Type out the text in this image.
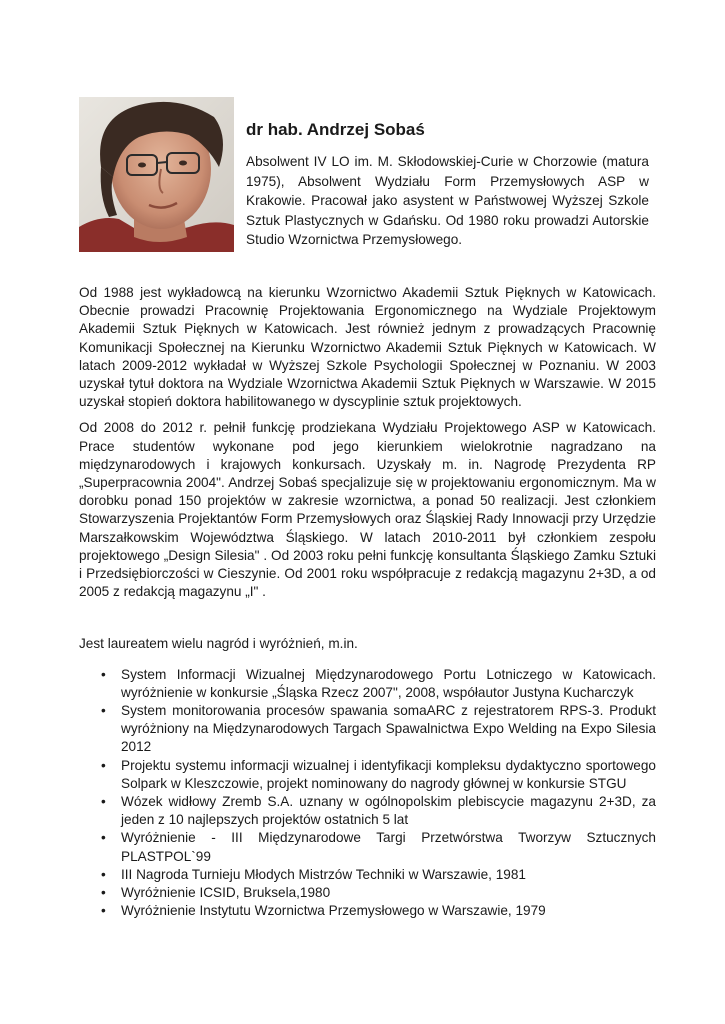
dr hab. Andrzej Sobaś

Absolwent IV LO im. M. Skłodowskiej-Curie w Chorzowie (matura 1975), Absolwent Wydziału Form Przemysłowych ASP w Krakowie. Pracował jako asystent w Państwowej Wyższej Szkole Sztuk Plastycznych w Gdańsku. Od 1980 roku prowadzi Autorskie Studio Wzornictwa Przemysłowego.

Od 1988 jest wykładowcą na kierunku Wzornictwo Akademii Sztuk Pięknych w Katowicach. Obecnie prowadzi Pracownię Projektowania Ergonomicznego na Wydziale Projektowym Akademii Sztuk Pięknych w Katowicach. Jest również jednym z prowadzących Pracownię Komunikacji Społecznej na Kierunku Wzornictwo Akademii Sztuk Pięknych w Katowicach. W latach 2009-2012 wykładał w Wyższej Szkole Psychologii Społecznej w Poznaniu. W 2003 uzyskał tytuł doktora na Wydziale Wzornictwa Akademii Sztuk Pięknych w Warszawie. W 2015 uzyskał stopień doktora habilitowanego w dyscyplinie sztuk projektowych.

Od 2008 do 2012 r. pełnił funkcję prodziekana Wydziału Projektowego ASP w Katowicach. Prace studentów wykonane pod jego kierunkiem wielokrotnie nagradzano na międzynarodowych i krajowych konkursach. Uzyskały m. in. Nagrodę Prezydenta RP „Superpracownia 2004". Andrzej Sobaś specjalizuje się w projektowaniu ergonomicznym. Ma w dorobku ponad 150 projektów w zakresie wzornictwa, a ponad 50 realizacji. Jest członkiem Stowarzyszenia Projektantów Form Przemysłowych oraz Śląskiej Rady Innowacji przy Urzędzie Marszałkowskim Województwa Śląskiego. W latach 2010-2011 był członkiem zespołu projektowego „Design Silesia" . Od 2003 roku pełni funkcję konsultanta Śląskiego Zamku Sztuki i Przedsiębiorczości w Cieszynie. Od 2001 roku współpracuje z redakcją magazynu 2+3D, a od 2005 z redakcją magazynu „I" .

Jest laureatem wielu nagród i wyróżnień, m.in.

• System Informacji Wizualnej Międzynarodowego Portu Lotniczego w Katowicach. wyróżnienie w konkursie „Śląska Rzecz 2007", 2008, współautor Justyna Kucharczyk
• System monitorowania procesów spawania somaARC z rejestratorem RPS-3. Produkt wyróżniony na Międzynarodowych Targach Spawalnictwa Expo Welding na Expo Silesia 2012
• Projektu systemu informacji wizualnej i identyfikacji kompleksu dydaktyczno sportowego Solpark w Kleszczowie, projekt nominowany do nagrody głównej w konkursie STGU
• Wózek widłowy Zremb S.A. uznany w ogólnopolskim plebiscycie magazynu 2+3D, za jeden z 10 najlepszych projektów ostatnich 5 lat
• Wyróżnienie - III Międzynarodowe Targi Przetwórstwa Tworzyw Sztucznych PLASTPOL`99
• III Nagroda Turnieju Młodych Mistrzów Techniki w Warszawie, 1981
• Wyróżnienie ICSID, Bruksela,1980
• Wyróżnienie Instytutu Wzornictwa Przemysłowego w Warszawie, 1979
